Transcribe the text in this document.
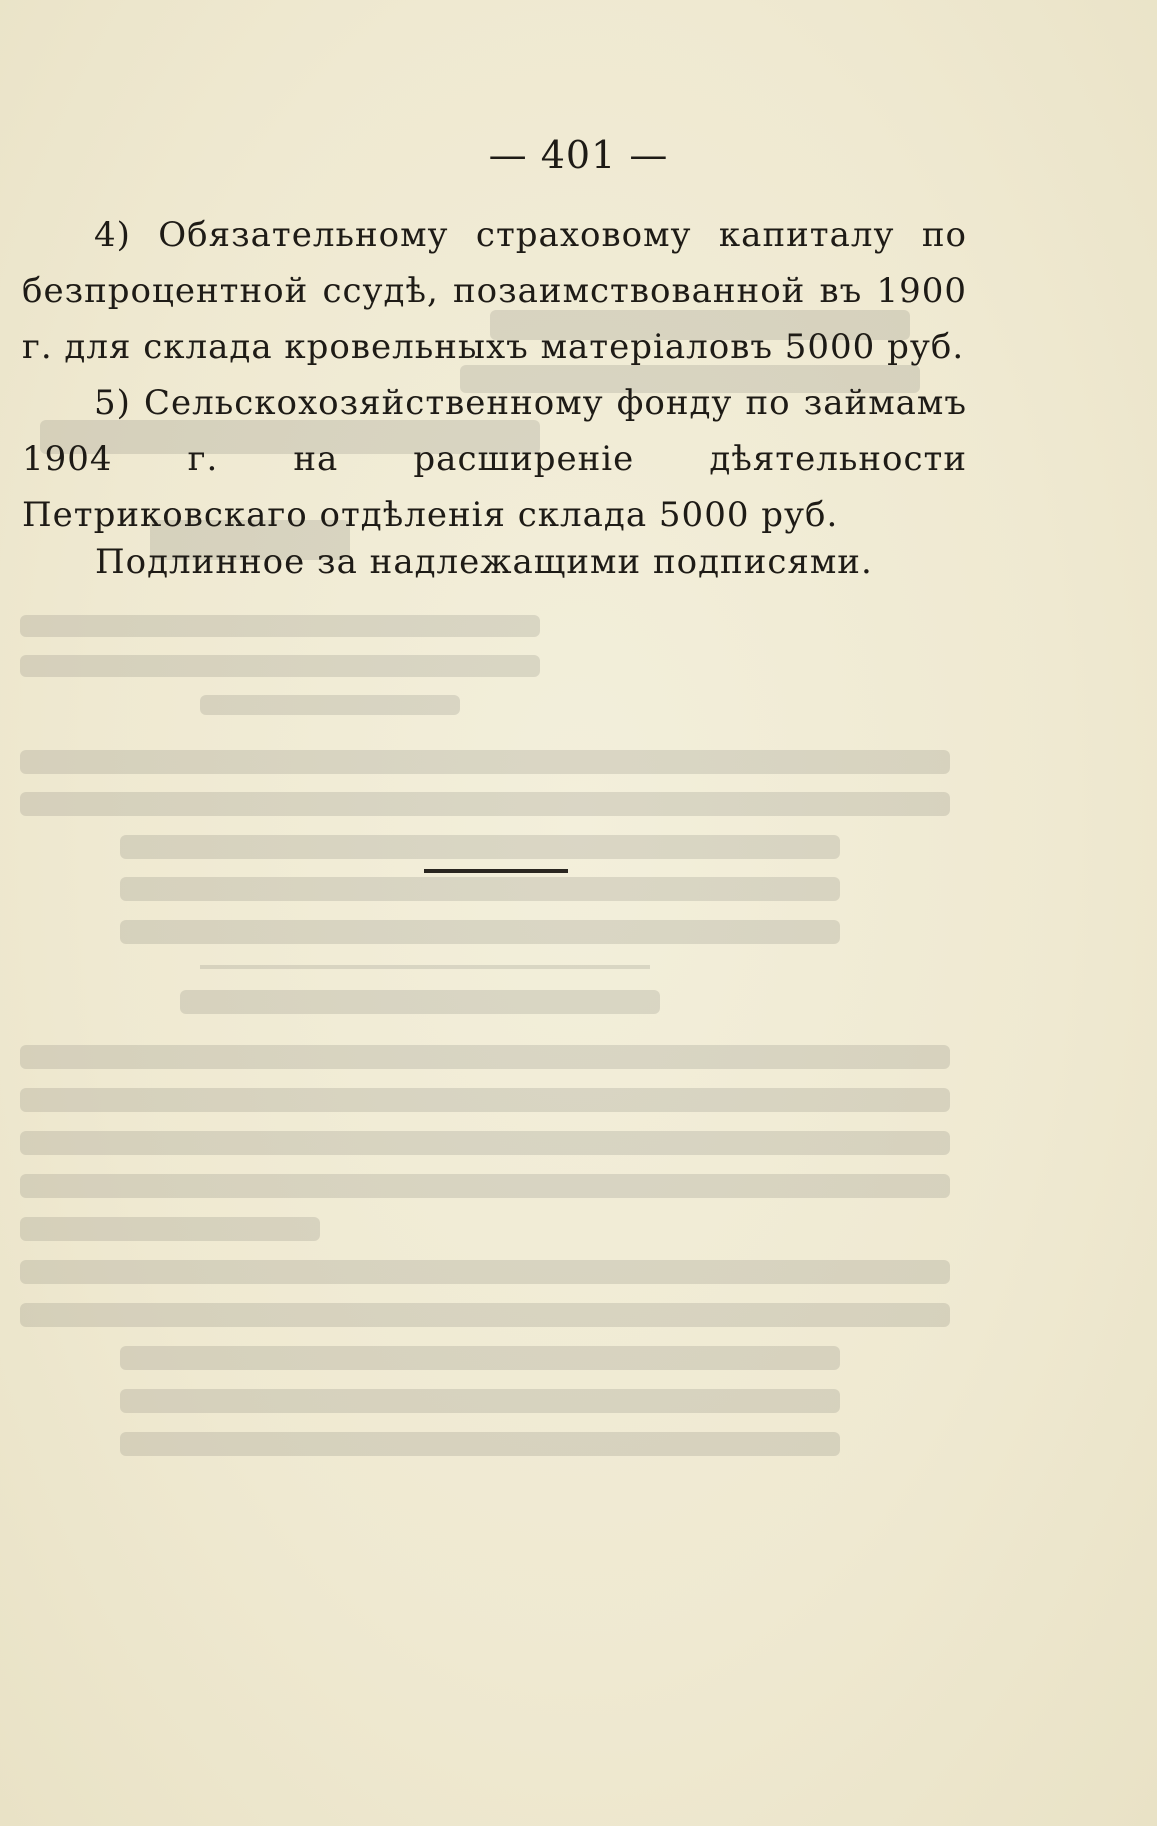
— 401 —

4) Обязательному страховому капиталу по безпроцентной ссудѣ, позаимствованной въ 1900 г. для склада кровельныхъ матеріаловъ 5000 руб.

5) Сельскохозяйственному фонду по займамъ 1904 г. на расширеніе дѣятельности Петриковскаго отдѣленія склада 5000 руб.

Подлинное за надлежащими подписями.
